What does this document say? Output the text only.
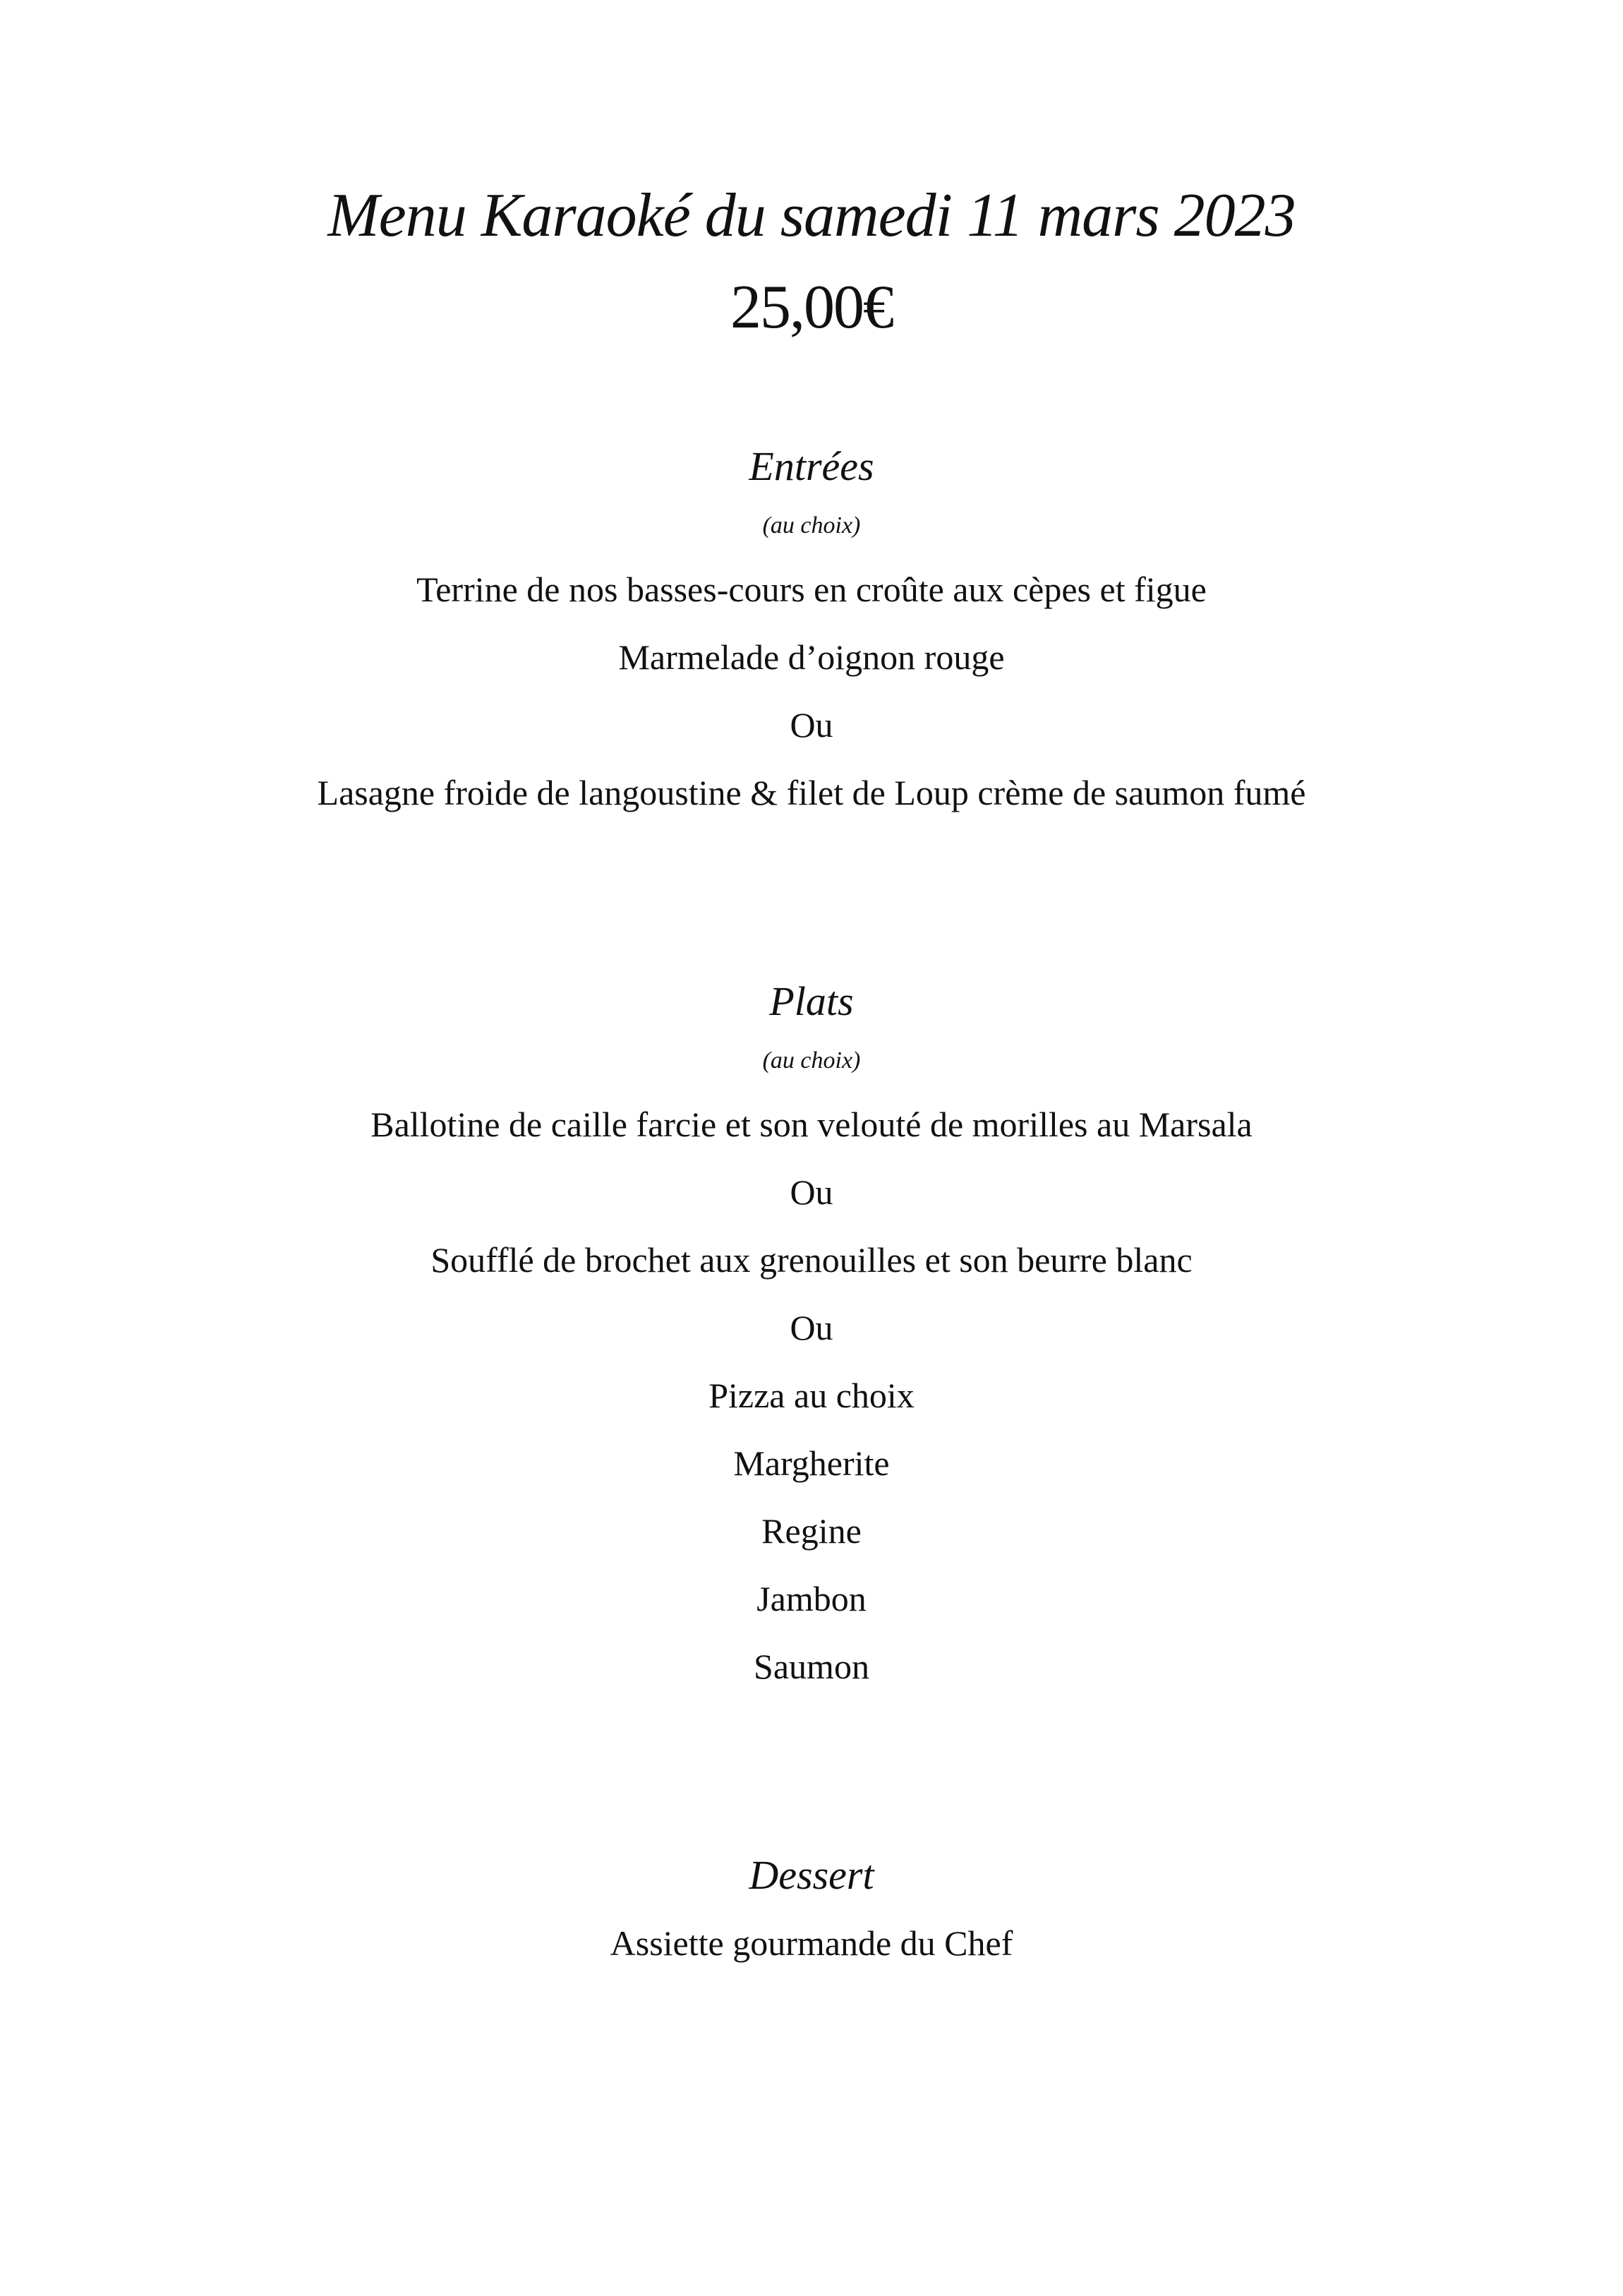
Menu Karaoké du samedi 11 mars 2023
25,00€
Entrées
(au choix)
Terrine de nos basses-cours en croûte aux cèpes et figue
Marmelade d’oignon rouge
Ou
Lasagne froide de langoustine & filet de Loup crème de saumon fumé
Plats
(au choix)
Ballotine de caille farcie et son velouté de morilles au Marsala
Ou
Soufflé de brochet aux grenouilles et son beurre blanc
Ou
Pizza au choix
Margherite
Regine
Jambon
Saumon
Dessert
Assiette gourmande du Chef
